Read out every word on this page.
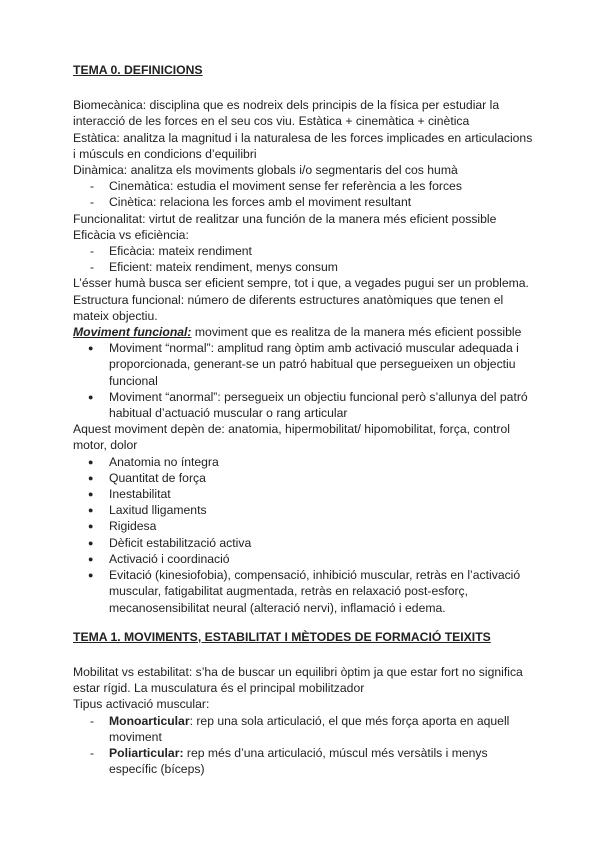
TEMA 0. DEFINICIONS

Biomecànica: disciplina que es nodreix dels principis de la física per estudiar la interacció de les forces en el seu cos viu. Estàtica + cinemàtica + cinètica

Estàtica: analitza la magnitud i la naturalesa de les forces implicades en articulacions i músculs en condicions d’equilibri

Dinàmica: analitza els moviments globals i/o segmentaris del cos humà

- Cinemàtica: estudia el moviment sense fer referència a les forces
- Cinètica: relaciona les forces amb el moviment resultant

Funcionalitat: virtut de realitzar una función de la manera més eficient possible

Eficàcia vs eficiència:

- Eficàcia: mateix rendiment
- Eficient: mateix rendiment, menys consum

L’ésser humà busca ser eficient sempre, tot i que, a vegades pugui ser un problema.

Estructura funcional: número de diferents estructures anatòmiques que tenen el mateix objectiu.

Moviment funcional: moviment que es realitza de la manera més eficient possible

● Moviment “normal”: amplitud rang òptim amb activació muscular adequada i proporcionada, generant-se un patró habitual que persegueixen un objectiu funcional
● Moviment “anormal”: persegueix un objectiu funcional però s’allunya del patró habitual d’actuació muscular o rang articular

Aquest moviment depèn de: anatomia, hipermobilitat/ hipomobilitat, força, control motor, dolor

● Anatomia no íntegra
● Quantitat de força
● Inestabilitat
● Laxitud lligaments
● Rigidesa
● Dèficit estabilització activa
● Activació i coordinació
● Evitació (kinesiofobia), compensació, inhibició muscular, retràs en l’activació muscular, fatigabilitat augmentada, retràs en relaxació post-esforç, mecanosensibilitat neural (alteració nervi), inflamació i edema.

TEMA 1. MOVIMENTS, ESTABILITAT I MÈTODES DE FORMACIÓ TEIXITS

Mobilitat vs estabilitat: s’ha de buscar un equilibri òptim ja que estar fort no significa estar rígid. La musculatura és el principal mobilitzador

Tipus activació muscular:

- Monoarticular: rep una sola articulació, el que més força aporta en aquell moviment
- Poliarticular: rep més d’una articulació, múscul més versàtils i menys específic (bíceps)
